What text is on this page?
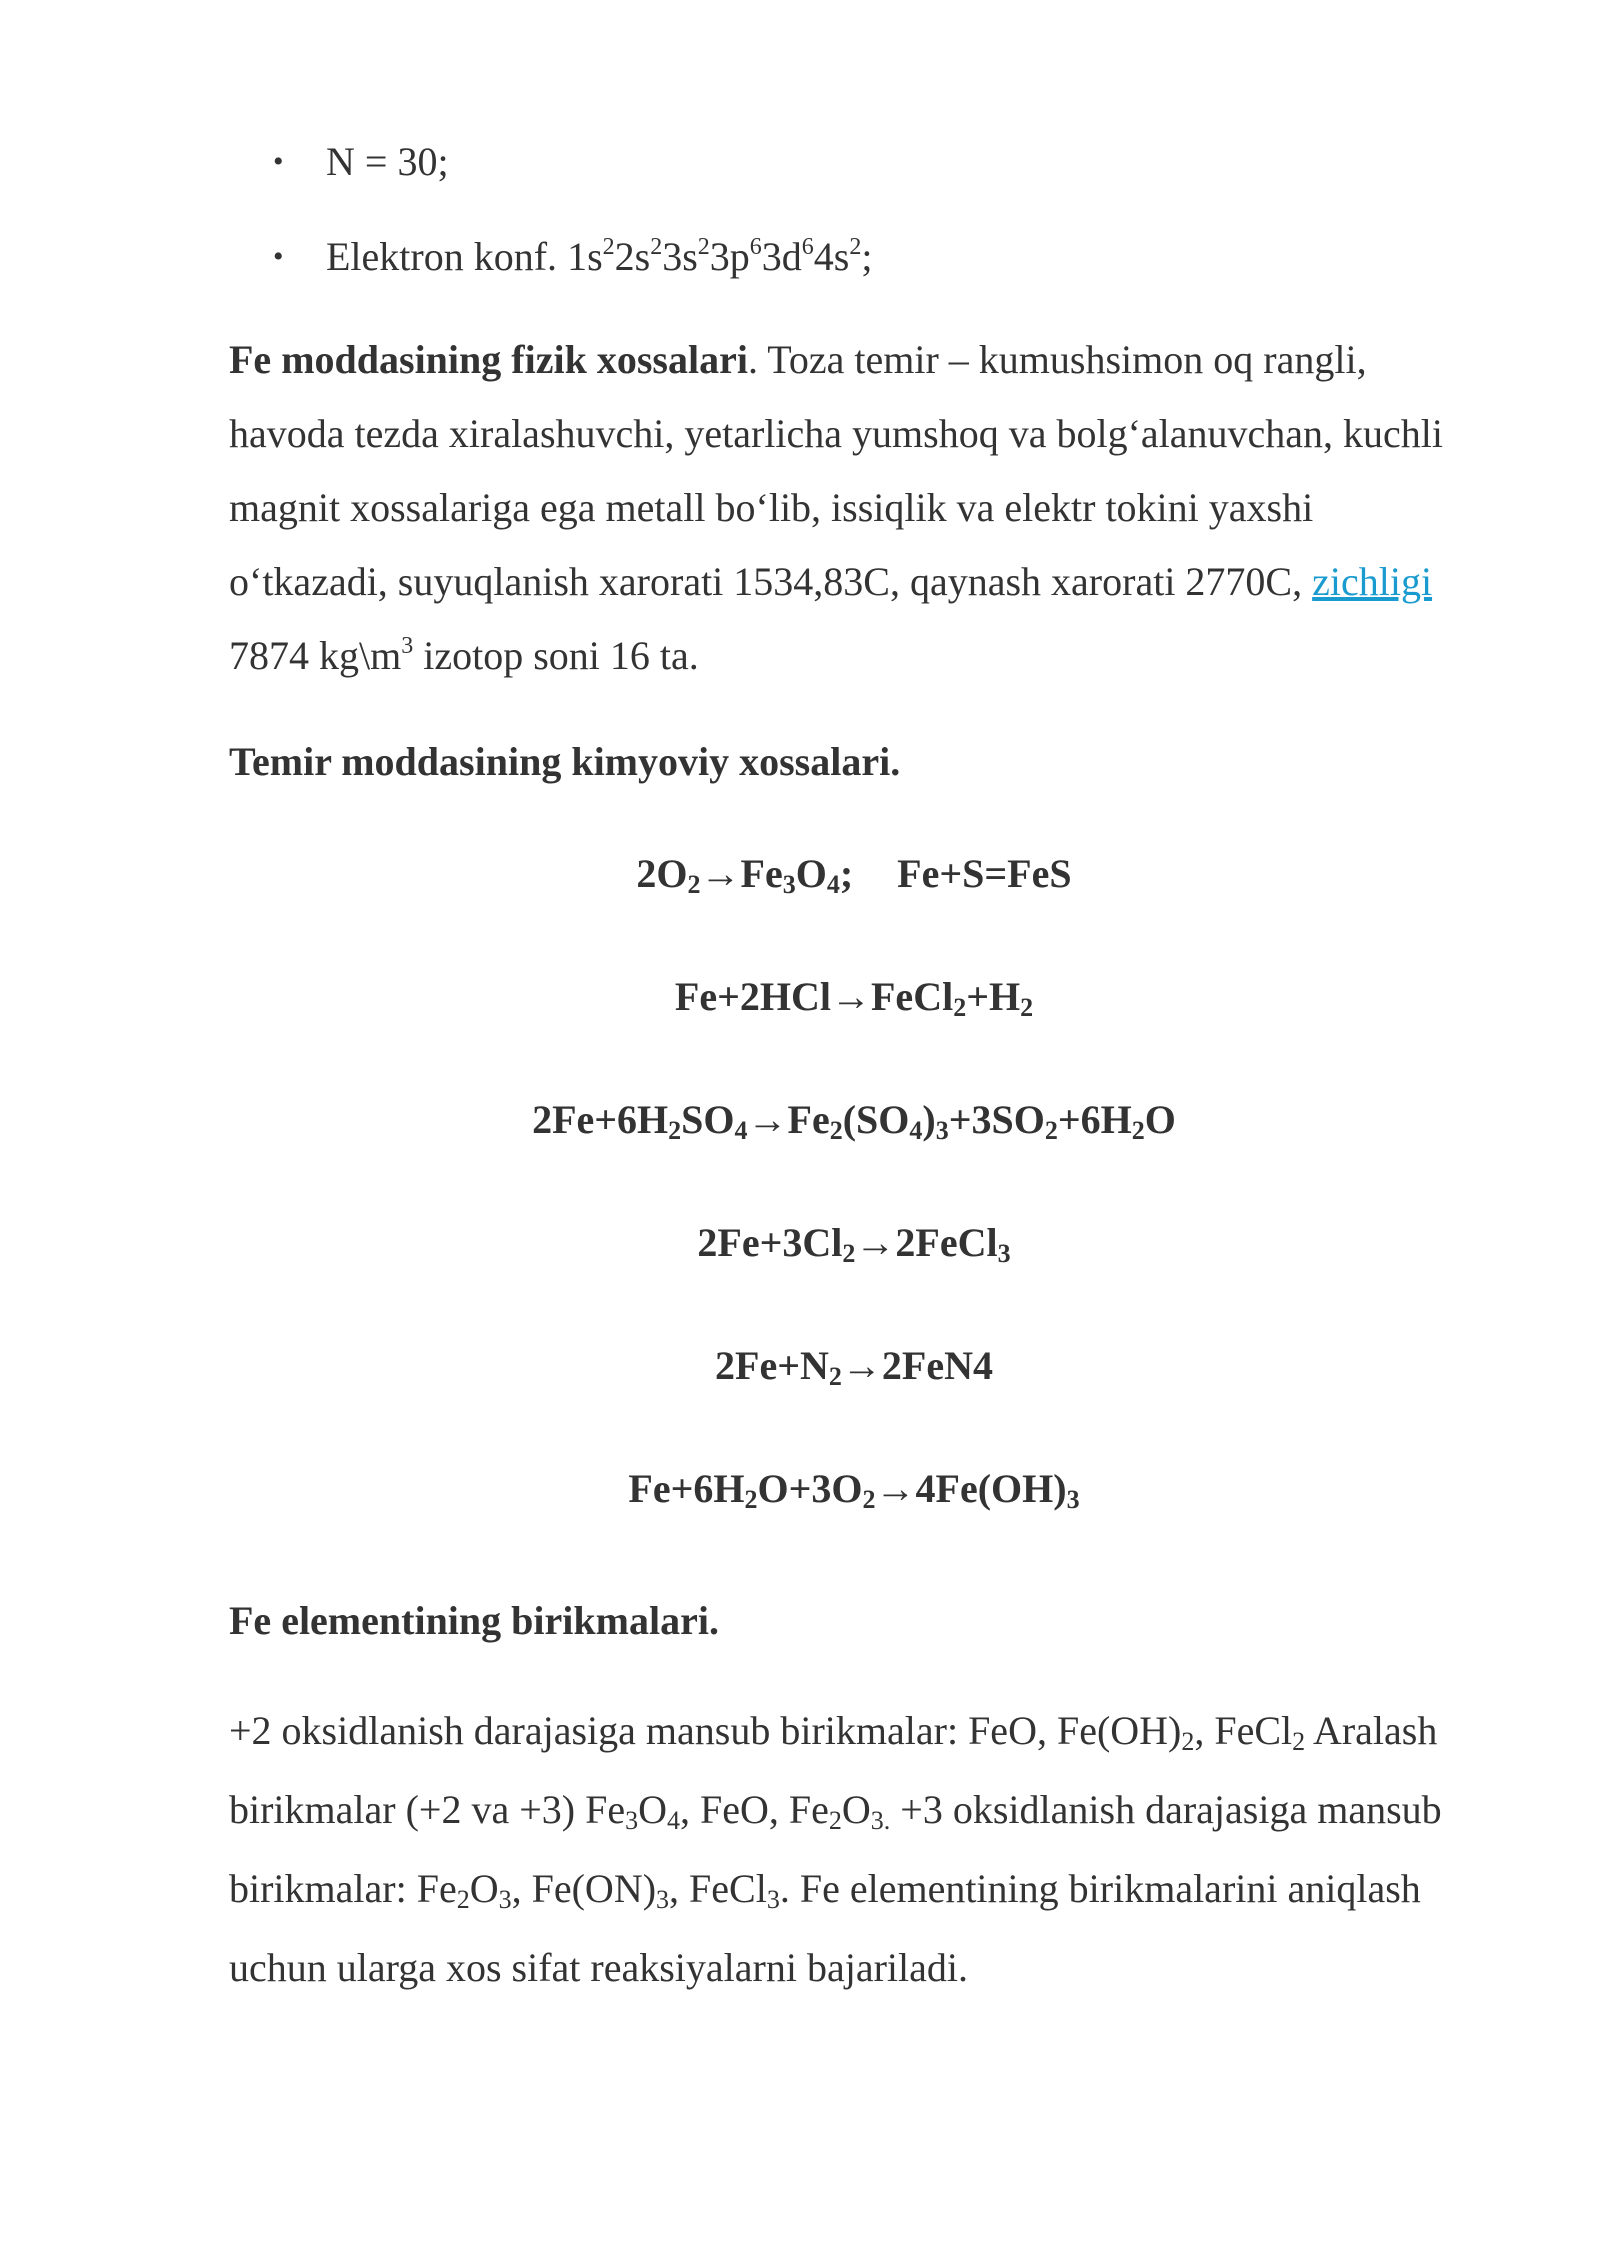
• N = 30;
• Elektron konf. $1s^22s^23s^23p^63d^64s^2$;

Fe moddasining fizik xossalari. Toza temir – kumushsimon oq rangli, havoda tezda xiralashuvchi, yetarlicha yumshoq va bolg‘alanuvchan, kuchli magnit xossalariga ega metall bo‘lib, issiqlik va elektr tokini yaxshi o‘tkazadi, suyuqlanish xarorati 1534,83C, qaynash xarorati 2770C, zichligi 7874 $kg\backslash m^3$ izotop soni 16 ta.

Temir moddasining kimyoviy xossalari.

$2O_2\to Fe_3O_4$; Fe+S=FeS
$Fe+2HCl\to FeCl_2+H_2$
$2Fe+6H_2SO_4\to Fe_2(SO_4)_3+3SO_2+6H_2O$
$2Fe+3Cl_2\to 2FeCl_3$
$2Fe+N_2\to 2FeN4$
$Fe+6H_2O+3O_2\to 4Fe(OH)_3$

Fe elementining birikmalari.

+2 oksidlanish darajasiga mansub birikmalar: FeO, $Fe(OH)_2$, FeCl$_2$ Aralash birikmalar (+2 va +3) $Fe_3O_4$, FeO, $Fe_2O_{3.} +3$ oksidlanish darajasiga mansub birikmalar: $Fe_2O_3$, $Fe(ON)_3$, FeCl$_3$. Fe elementining birikmalarini aniqlash uchun ularga xos sifat reaksiyalarni bajariladi.
